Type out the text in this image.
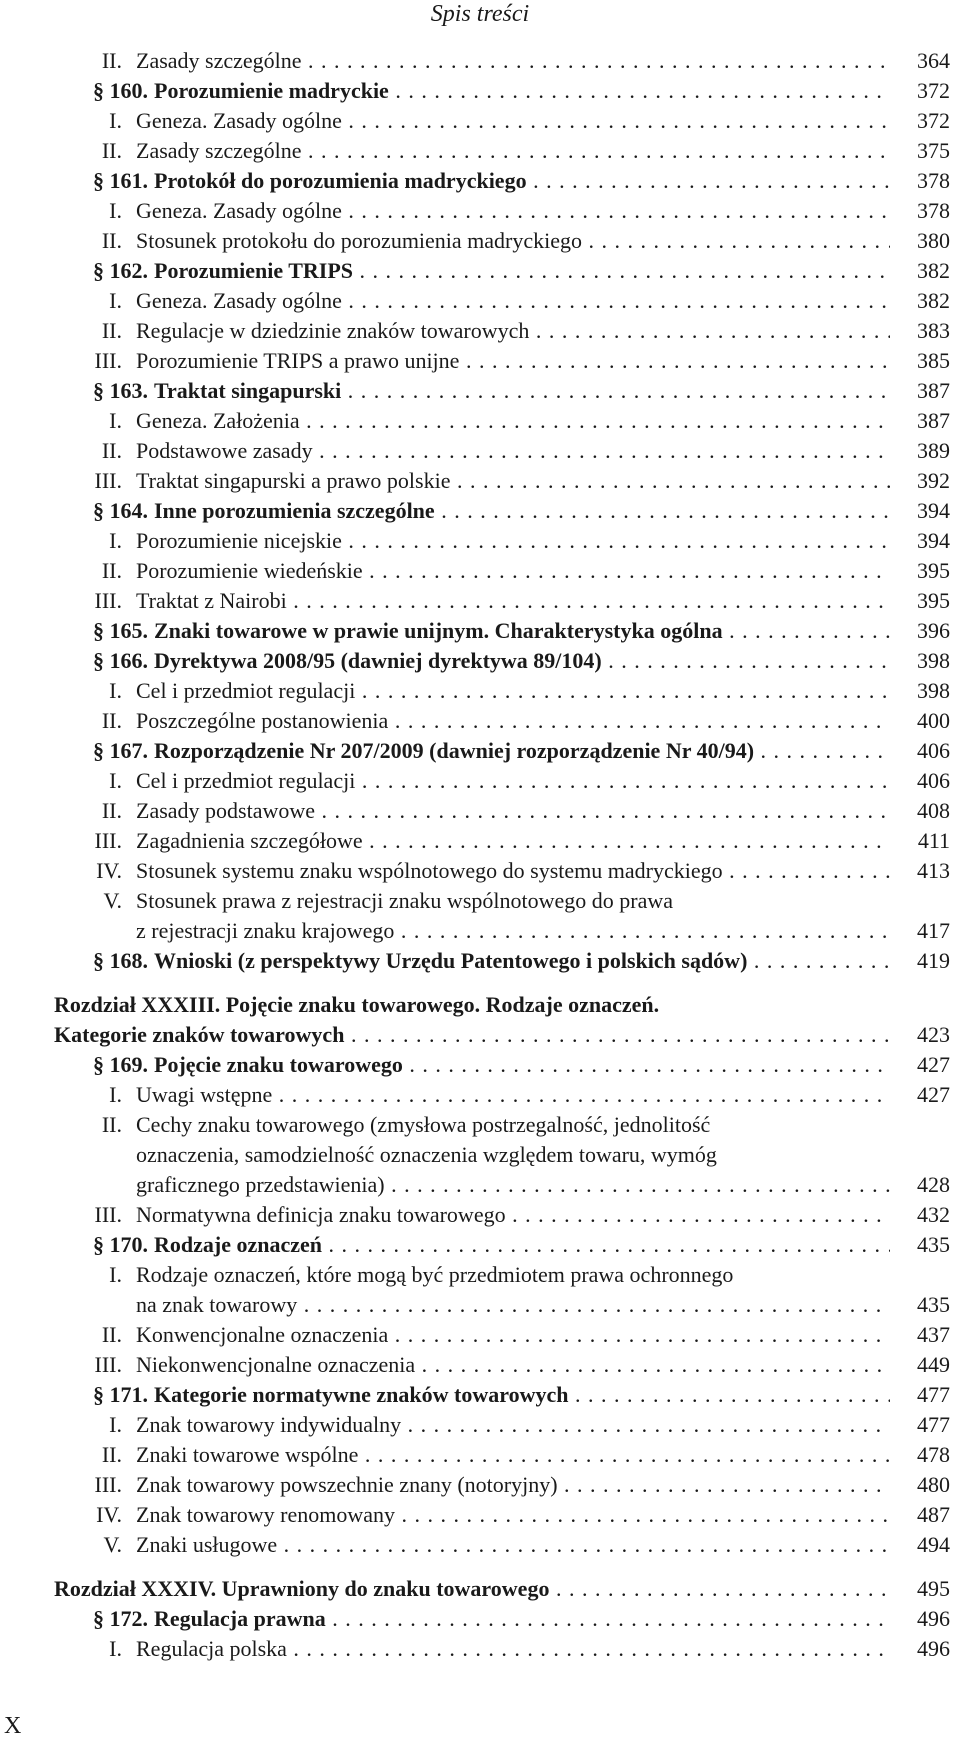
Spis treści
II. Zasady szczególne . . .	364
§ 160. Porozumienie madryckie . . .	372
I. Geneza. Zasady ogólne . . .	372
II. Zasady szczególne . . .	375
§ 161. Protokół do porozumienia madryckiego . . .	378
I. Geneza. Zasady ogólne . . .	378
II. Stosunek protokołu do porozumienia madryckiego . . .	380
§ 162. Porozumienie TRIPS . . .	382
I. Geneza. Zasady ogólne . . .	382
II. Regulacje w dziedzinie znaków towarowych . . .	383
III. Porozumienie TRIPS a prawo unijne . . .	385
§ 163. Traktat singapurski . . .	387
I. Geneza. Założenia . . .	387
II. Podstawowe zasady . . .	389
III. Traktat singapurski a prawo polskie . . .	392
§ 164. Inne porozumienia szczególne . . .	394
I. Porozumienie nicejskie . . .	394
II. Porozumienie wiedeńskie . . .	395
III. Traktat z Nairobi . . .	395
§ 165. Znaki towarowe w prawie unijnym. Charakterystyka ogólna . . .	396
§ 166. Dyrektywa 2008/95 (dawniej dyrektywa 89/104) . . .	398
I. Cel i przedmiot regulacji . . .	398
II. Poszczególne postanowienia . . .	400
§ 167. Rozporządzenie Nr 207/2009 (dawniej rozporządzenie Nr 40/94) . . .	406
I. Cel i przedmiot regulacji . . .	406
II. Zasady podstawowe . . .	408
III. Zagadnienia szczegółowe . . .	411
IV. Stosunek systemu znaku wspólnotowego do systemu madryckiego . . .	413
V. Stosunek prawa z rejestracji znaku wspólnotowego do prawa
z rejestracji znaku krajowego . . .	417
§ 168. Wnioski (z perspektywy Urzędu Patentowego i polskich sądów) . . .	419
Rozdział XXXIII. Pojęcie znaku towarowego. Rodzaje oznaczeń.
Kategorie znaków towarowych . . .	423
§ 169. Pojęcie znaku towarowego . . .	427
I. Uwagi wstępne . . .	427
II. Cechy znaku towarowego (zmysłowa postrzegalność, jednolitość
oznaczenia, samodzielność oznaczenia względem towaru, wymóg
graficznego przedstawienia) . . .	428
III. Normatywna definicja znaku towarowego . . .	432
§ 170. Rodzaje oznaczeń . . .	435
I. Rodzaje oznaczeń, które mogą być przedmiotem prawa ochronnego
na znak towarowy . . .	435
II. Konwencjonalne oznaczenia . . .	437
III. Niekonwencjonalne oznaczenia . . .	449
§ 171. Kategorie normatywne znaków towarowych . . .	477
I. Znak towarowy indywidualny . . .	477
II. Znaki towarowe wspólne . . .	478
III. Znak towarowy powszechnie znany (notoryjny) . . .	480
IV. Znak towarowy renomowany . . .	487
V. Znaki usługowe . . .	494
Rozdział XXXIV. Uprawniony do znaku towarowego . . .	495
§ 172. Regulacja prawna . . .	496
I. Regulacja polska . . .	496
X
